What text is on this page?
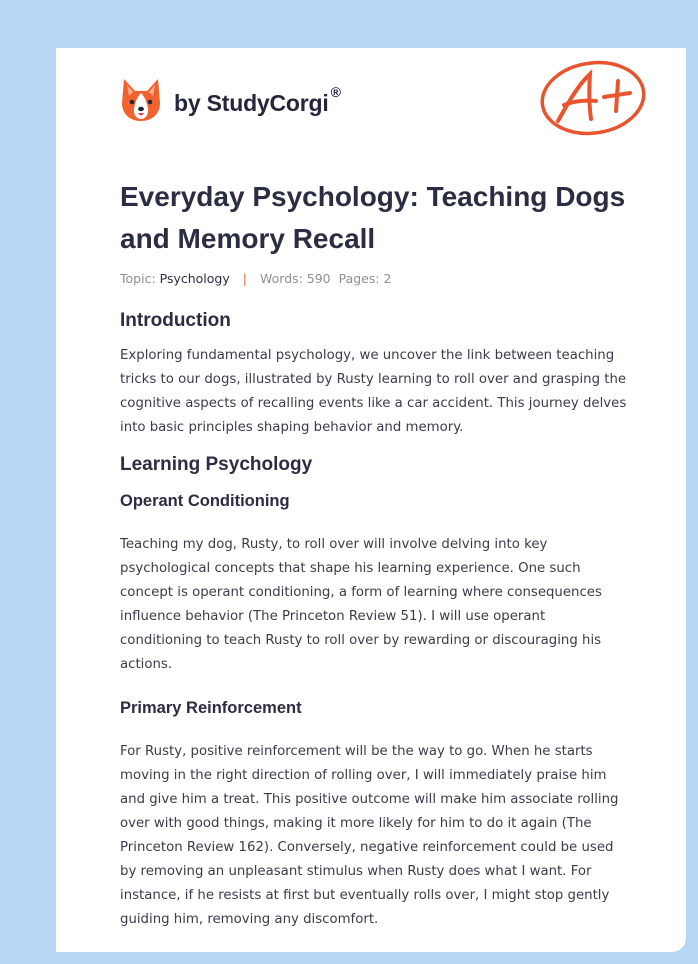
by StudyCorgi ®
Everyday Psychology: Teaching Dogs and Memory Recall
Topic: Psychology | Words: 590 Pages: 2
Introduction

Exploring fundamental psychology, we uncover the link between teaching tricks to our dogs, illustrated by Rusty learning to roll over and grasping the cognitive aspects of recalling events like a car accident. This journey delves into basic principles shaping behavior and memory.

Learning Psychology
Operant Conditioning

Teaching my dog, Rusty, to roll over will involve delving into key psychological concepts that shape his learning experience. One such concept is operant conditioning, a form of learning where consequences influence behavior (The Princeton Review 51). I will use operant conditioning to teach Rusty to roll over by rewarding or discouraging his actions.

Primary Reinforcement

For Rusty, positive reinforcement will be the way to go. When he starts moving in the right direction of rolling over, I will immediately praise him and give him a treat. This positive outcome will make him associate rolling over with good things, making it more likely for him to do it again (The Princeton Review 162). Conversely, negative reinforcement could be used by removing an unpleasant stimulus when Rusty does what I want. For instance, if he resists at first but eventually rolls over, I might stop gently guiding him, removing any discomfort.
